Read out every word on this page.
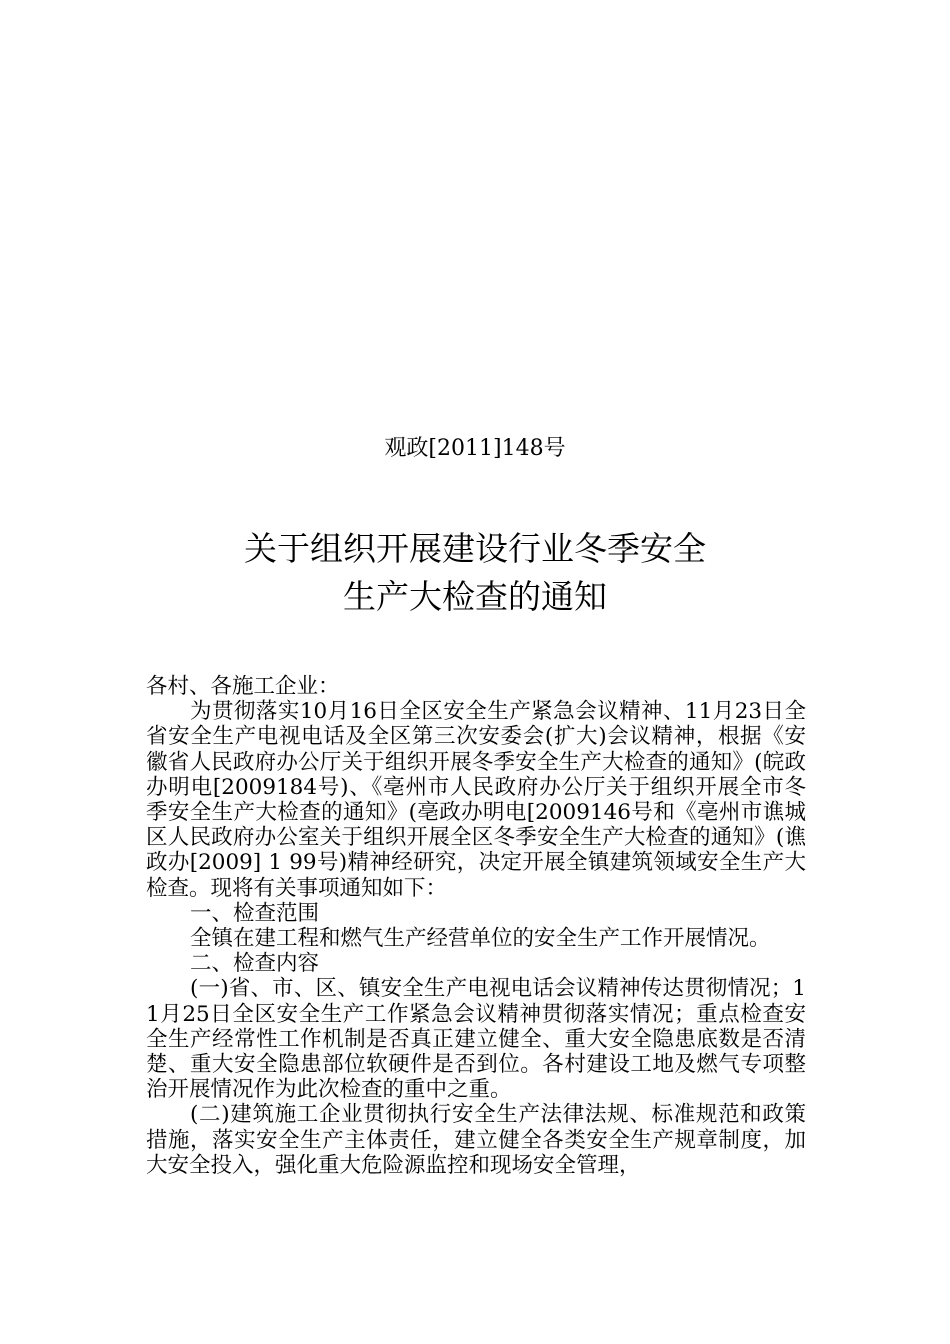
观政[2011]148号
关于组织开展建设行业冬季安全
生产大检查的通知

各村、各施工企业：

为贯彻落实10月16日全区安全生产紧急会议精神、11月23日全省安全生产电视电话及全区第三次安委会(扩大)会议精神，根据《安徽省人民政府办公厅关于组织开展冬季安全生产大检查的通知》(皖政办明电[2009184号)、《亳州市人民政府办公厅关于组织开展全市冬季安全生产大检查的通知》(亳政办明电[2009146号和《亳州市谯城区人民政府办公室关于组织开展全区冬季安全生产大检查的通知》(谯政办[2009] 1 99号)精神经研究，决定开展全镇建筑领域安全生产大检查。现将有关事项通知如下：

一、检查范围

全镇在建工程和燃气生产经营单位的安全生产工作开展情况。

二、检查内容

(一)省、市、区、镇安全生产电视电话会议精神传达贯彻情况；11月25日全区安全生产工作紧急会议精神贯彻落实情况；重点检查安全生产经常性工作机制是否真正建立健全、重大安全隐患底数是否清楚、重大安全隐患部位软硬件是否到位。各村建设工地及燃气专项整治开展情况作为此次检查的重中之重。

(二)建筑施工企业贯彻执行安全生产法律法规、标准规范和政策措施，落实安全生产主体责任，建立健全各类安全生产规章制度，加大安全投入，强化重大危险源监控和现场安全管理，
